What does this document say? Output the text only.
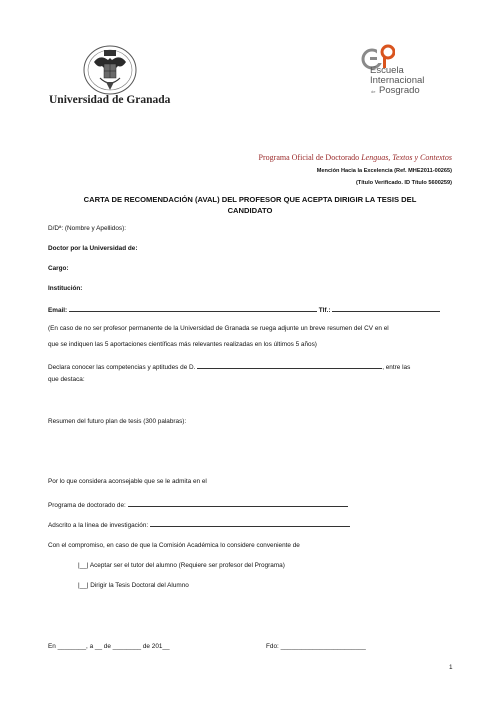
Universidad de Granada
Escuela
Internacional
de Posgrado
Programa Oficial de Doctorado Lenguas, Textos y Contextos
Mención Hacia la Excelencia (Ref. MHE2011-00265)
(Título Verificado. ID Título 5600259)
CARTA DE RECOMENDACIÓN (AVAL) DEL PROFESOR QUE ACEPTA DIRIGIR LA TESIS DEL
CANDIDATO
D/Dª: (Nombre y Apellidos):
Doctor por la Universidad de:
Cargo:
Institución:
Email:	Tlf.:
(En caso de no ser profesor permanente de la Universidad de Granada se ruega adjunte un breve resumen del CV en el
que se indiquen las 5 aportaciones científicas más relevantes realizadas en los últimos 5 años)
Declara conocer las competencias y aptitudes de D.	, entre las
que destaca:
Resumen del futuro plan de tesis (300 palabras):
Por lo que considera aconsejable que se le admita en el
Programa de doctorado de:
Adscrito a la línea de investigación:
Con el compromiso, en caso de que la Comisión Académica lo considere conveniente de
|__| Aceptar ser el tutor del alumno (Requiere ser profesor del Programa)
|__| Dirigir la Tesis Doctoral del Alumno
En ________, a __ de ________ de 201__	Fdo: ________________________
1
